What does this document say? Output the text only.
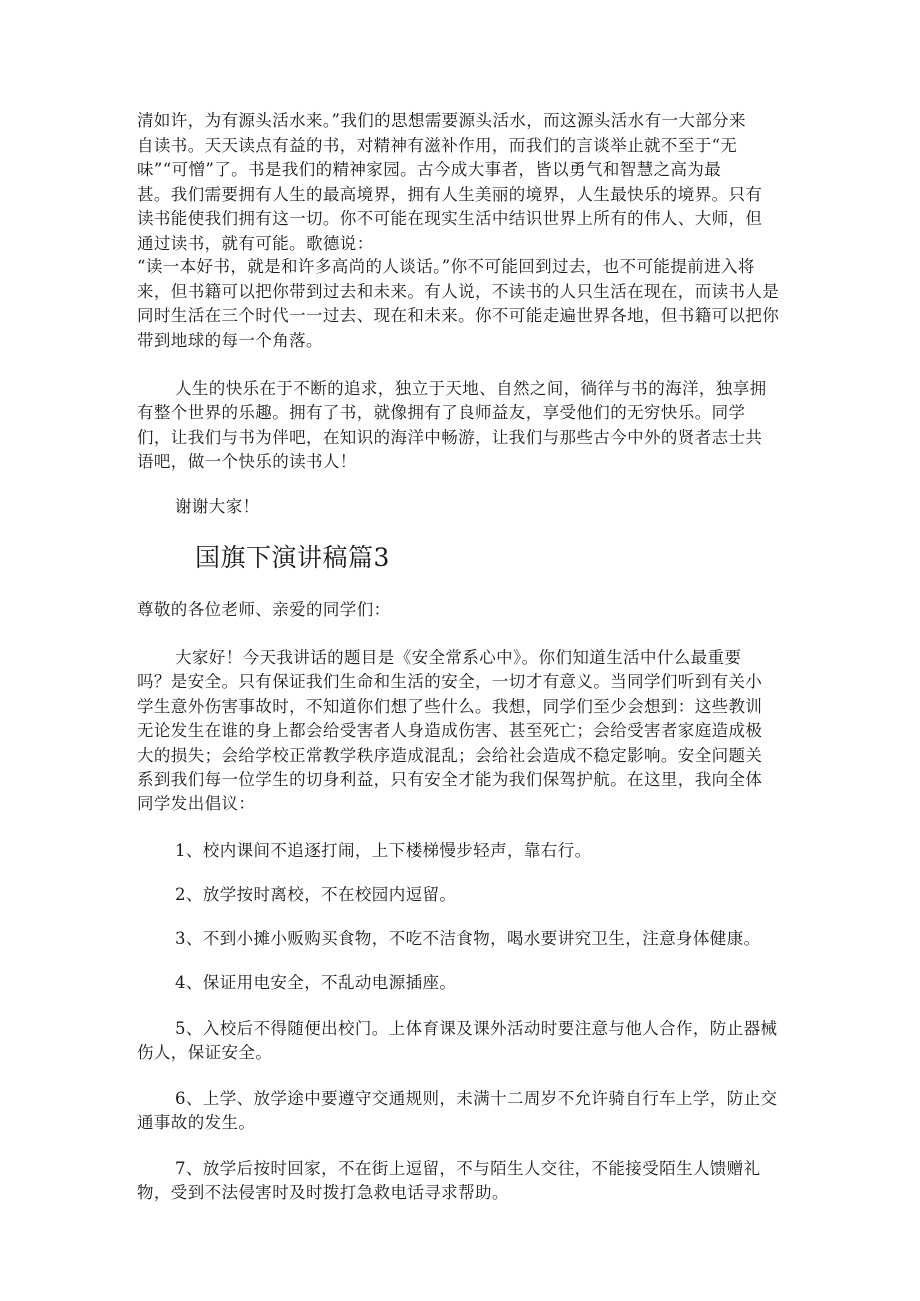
清如许，为有源头活水来。”我们的思想需要源头活水，而这源头活水有一大部分来
自读书。天天读点有益的书，对精神有滋补作用，而我们的言谈举止就不至于“无
味”“可憎”了。书是我们的精神家园。古今成大事者，皆以勇气和智慧之高为最
甚。我们需要拥有人生的最高境界，拥有人生美丽的境界，人生最快乐的境界。只有
读书能使我们拥有这一切。你不可能在现实生活中结识世界上所有的伟人、大师，但
通过读书，就有可能。歌德说：
“读一本好书，就是和许多高尚的人谈话。”你不可能回到过去，也不可能提前进入将
来，但书籍可以把你带到过去和未来。有人说，不读书的人只生活在现在，而读书人是
同时生活在三个时代一一过去、现在和未来。你不可能走遍世界各地，但书籍可以把你
带到地球的每一个角落。
人生的快乐在于不断的追求，独立于天地、自然之间，徜徉与书的海洋，独享拥
有整个世界的乐趣。拥有了书，就像拥有了良师益友，享受他们的无穷快乐。同学
们，让我们与书为伴吧，在知识的海洋中畅游，让我们与那些古今中外的贤者志士共
语吧，做一个快乐的读书人！
谢谢大家！
国旗下演讲稿篇3
尊敬的各位老师、亲爱的同学们：
大家好！今天我讲话的题目是《安全常系心中》。你们知道生活中什么最重要
吗？是安全。只有保证我们生命和生活的安全，一切才有意义。当同学们听到有关小
学生意外伤害事故时，不知道你们想了些什么。我想，同学们至少会想到：这些教训
无论发生在谁的身上都会给受害者人身造成伤害、甚至死亡；会给受害者家庭造成极
大的损失；会给学校正常教学秩序造成混乱；会给社会造成不稳定影响。安全问题关
系到我们每一位学生的切身利益，只有安全才能为我们保驾护航。在这里，我向全体
同学发出倡议：
1、校内课间不追逐打闹，上下楼梯慢步轻声，靠右行。
2、放学按时离校，不在校园内逗留。
3、不到小摊小贩购买食物，不吃不洁食物，喝水要讲究卫生，注意身体健康。
4、保证用电安全，不乱动电源插座。
5、入校后不得随便出校门。上体育课及课外活动时要注意与他人合作，防止器械
伤人，保证安全。
6、上学、放学途中要遵守交通规则，未满十二周岁不允许骑自行车上学，防止交
通事故的发生。
7、放学后按时回家，不在街上逗留，不与陌生人交往，不能接受陌生人馈赠礼
物，受到不法侵害时及时拨打急救电话寻求帮助。
